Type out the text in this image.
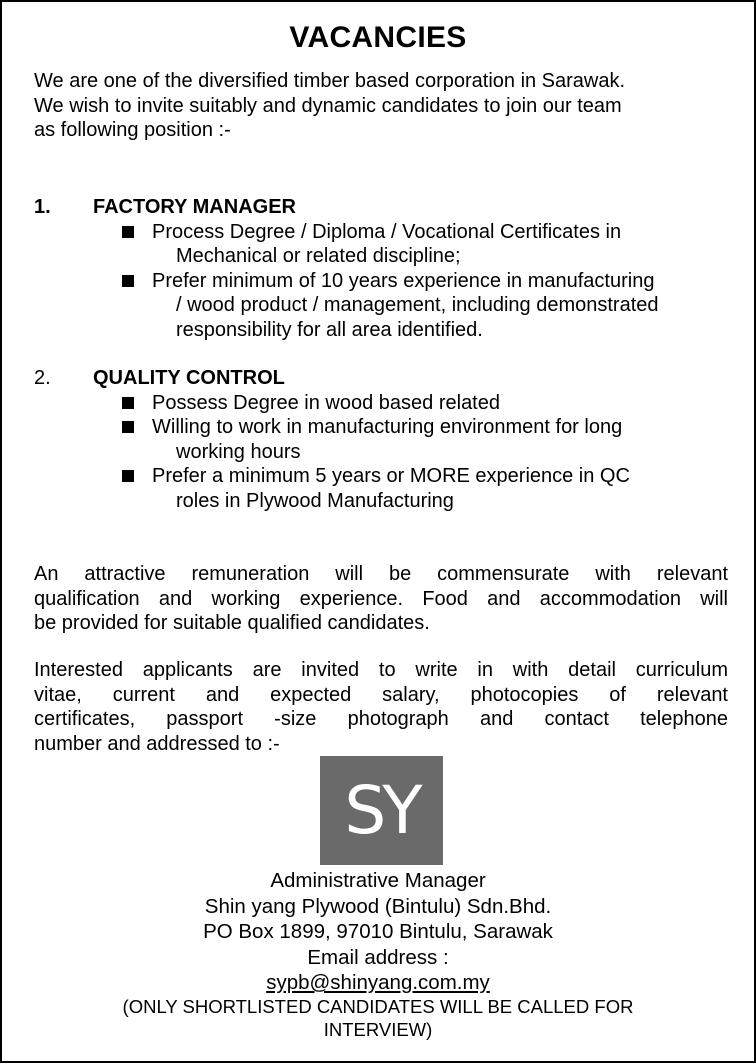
VACANCIES

We are one of the diversified timber based corporation in Sarawak.
We wish to invite suitably and dynamic candidates to join our team
as following position :-

1. FACTORY MANAGER
Process Degree / Diploma / Vocational Certificates in
Mechanical or related discipline;
Prefer minimum of 10 years experience in manufacturing
/ wood product / management, including demonstrated
responsibility for all area identified.
2. QUALITY CONTROL
Possess Degree in wood based related
Willing to work in manufacturing environment for long
working hours
Prefer a minimum 5 years or MORE experience in QC
roles in Plywood Manufacturing

An attractive remuneration will be commensurate with relevant
qualification and working experience. Food and accommodation will
be provided for suitable qualified candidates.

Interested applicants are invited to write in with detail curriculum
vitae, current and expected salary, photocopies of relevant
certificates, passport -size photograph and contact telephone
number and addressed to :-

SY
Administrative Manager
Shin yang Plywood (Bintulu) Sdn.Bhd.
PO Box 1899, 97010 Bintulu, Sarawak
Email address :
sypb@shinyang.com.my
(ONLY SHORTLISTED CANDIDATES WILL BE CALLED FOR
INTERVIEW)
